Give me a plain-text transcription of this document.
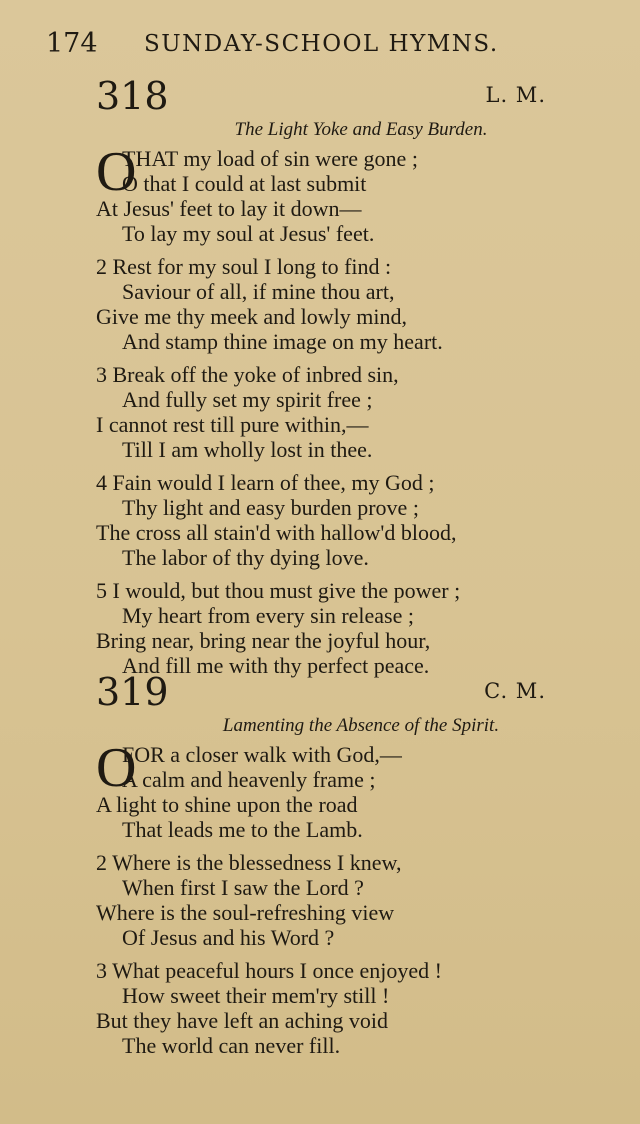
174 SUNDAY-SCHOOL HYMNS.
318	L. M.
The Light Yoke and Easy Burden.
O
THAT my load of sin were gone ;
O that I could at last submit
At Jesus' feet to lay it down—
To lay my soul at Jesus' feet.
2 Rest for my soul I long to find :
Saviour of all, if mine thou art,
Give me thy meek and lowly mind,
And stamp thine image on my heart.
3 Break off the yoke of inbred sin,
And fully set my spirit free ;
I cannot rest till pure within,—
Till I am wholly lost in thee.
4 Fain would I learn of thee, my God ;
Thy light and easy burden prove ;
The cross all stain'd with hallow'd blood,
The labor of thy dying love.
5 I would, but thou must give the power ;
My heart from every sin release ;
Bring near, bring near the joyful hour,
And fill me with thy perfect peace.
319	C. M.
Lamenting the Absence of the Spirit.
O
FOR a closer walk with God,—
A calm and heavenly frame ;
A light to shine upon the road
That leads me to the Lamb.
2 Where is the blessedness I knew,
When first I saw the Lord ?
Where is the soul-refreshing view
Of Jesus and his Word ?
3 What peaceful hours I once enjoyed !
How sweet their mem'ry still !
But they have left an aching void
The world can never fill.
